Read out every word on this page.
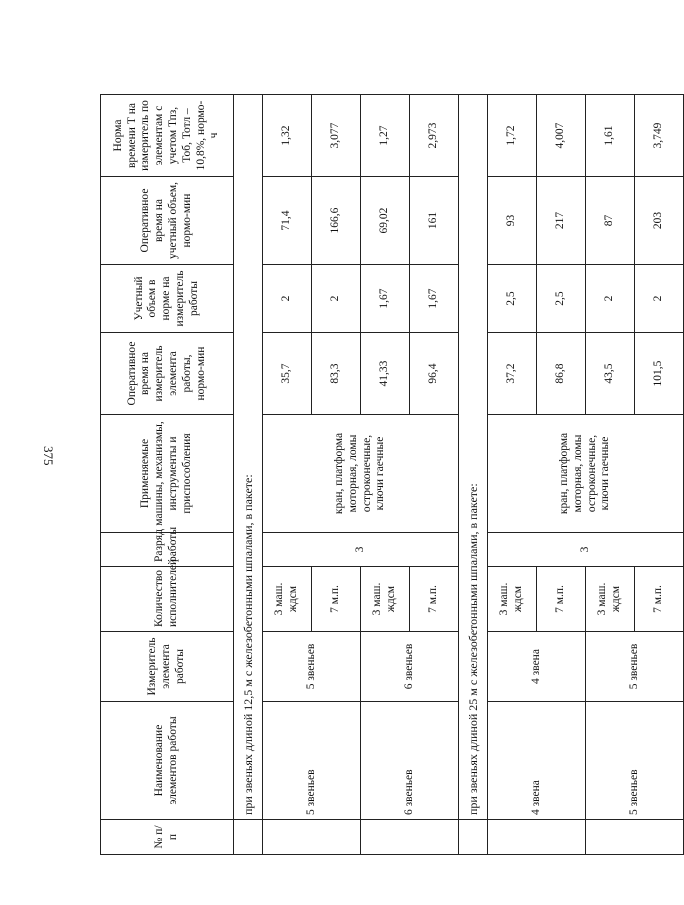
375
№ п/п	Наименование элементов работы	Измеритель элемента работы	Количество исполнителей	Разряд работы	Применяемые машины, механизмы, инструменты и приспособления	Оперативное время на измеритель элемента работы, нормо-мин	Учетный объем в норме на измеритель работы	Оперативное время на учетный объем, нормо-мин	Норма времени Т на измеритель по элементам с учетом Тпз, Тоб, Тотл – 10,8%, нормо-ч
	при звеньях длиной 12,5 м с железобетонными шпалами, в пакете:								
	5 звеньев	5 звеньев	3 маш. ждсм	3	кран, платформа моторная, ломы остроконечные, ключи гаечные	35,7	2	71,4	1,32
			7 м.п.			83,3	2	166,6	3,077
	6 звеньев	6 звеньев	3 маш. ждсм			41,33	1,67	69,02	1,27
			7 м.п.			96,4	1,67	161	2,973
	при звеньях длиной 25 м с железобетонными шпалами, в пакете:								
	4 звена	4 звена	3 маш. ждсм	3	кран, платформа моторная, ломы остроконечные, ключи гаечные	37,2	2,5	93	1,72
			7 м.п.			86,8	2,5	217	4,007
	5 звеньев	5 звеньев	3 маш. ждсм			43,5	2	87	1,61
			7 м.п.			101,5	2	203	3,749
